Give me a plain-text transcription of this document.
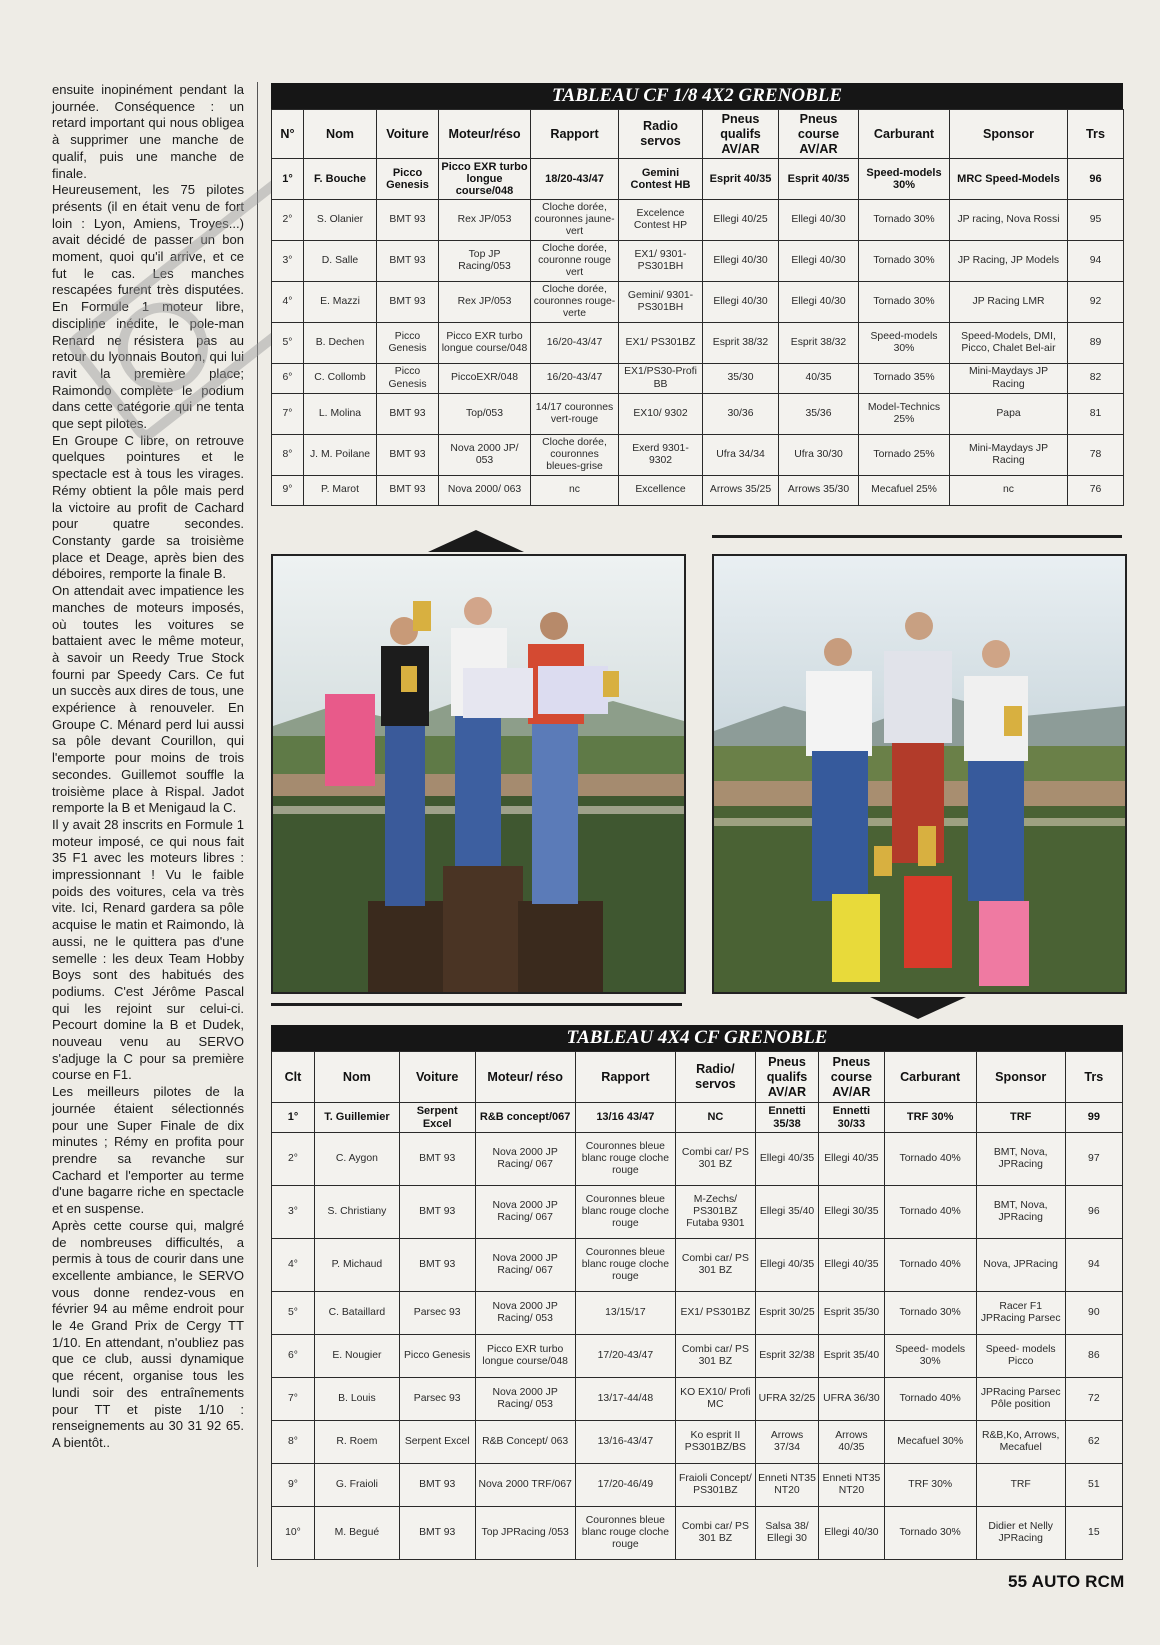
ensuite inopinément pendant la journée. Conséquence : un retard important qui nous obligea à supprimer une manche de qualif, puis une manche de finale.

Heureusement, les 75 pilotes présents (il en était venu de fort loin : Lyon, Amiens, Troyes...) avait décidé de passer un bon moment, quoi qu'il arrive, et ce fut le cas. Les manches rescapées furent très disputées. En Formule 1 moteur libre, discipline inédite, le pole-man Renard ne résistera pas au retour du lyonnais Bouton, qui lui ravit la première place; Raimondo complète le podium dans cette catégorie qui ne tenta que sept pilotes.

En Groupe C libre, on retrouve quelques pointures et le spectacle est à tous les virages. Rémy obtient la pôle mais perd la victoire au profit de Cachard pour quatre secondes. Constanty garde sa troisième place et Deage, après bien des déboires, remporte la finale B.

On attendait avec impatience les manches de moteurs imposés, où toutes les voitures se battaient avec le même moteur, à savoir un Reedy True Stock fourni par Speedy Cars. Ce fut un succès aux dires de tous, une expérience à renouveler. En Groupe C. Ménard perd lui aussi sa pôle devant Courillon, qui l'emporte pour moins de trois secondes. Guillemot souffle la troisième place à Rispal. Jadot remporte la B et Menigaud la C.

Il y avait 28 inscrits en Formule 1 moteur imposé, ce qui nous fait 35 F1 avec les moteurs libres : impressionnant ! Vu le faible poids des voitures, cela va très vite. Ici, Renard gardera sa pôle acquise le matin et Raimondo, là aussi, ne le quittera pas d'une semelle : les deux Team Hobby Boys sont des habitués des podiums. C'est Jérôme Pascal qui les rejoint sur celui-ci. Pecourt domine la B et Dudek, nouveau venu au SERVO s'adjuge la C pour sa première course en F1.

Les meilleurs pilotes de la journée étaient sélectionnés pour une Super Finale de dix minutes ; Rémy en profita pour prendre sa revanche sur Cachard et l'emporter au terme d'une bagarre riche en spectacle et en suspense.

Après cette course qui, malgré de nombreuses difficultés, a permis à tous de courir dans une excellente ambiance, le SERVO vous donne rendez-vous en février 94 au même endroit pour le 4e Grand Prix de Cergy TT 1/10. En attendant, n'oubliez pas que ce club, aussi dynamique que récent, organise tous les lundi soir des entraînements pour TT et piste 1/10 : renseignements au 30 31 92 65. A bientôt..

TABLEAU CF 1/8 4X2 GRENOBLE
N°	Nom	Voiture	Moteur/réso	Rapport	Radio servos	Pneus qualifs AV/AR	Pneus course AV/AR	Carburant	Sponsor	Trs
1°	F. Bouche	Picco Genesis	Picco EXR turbo longue course/048	18/20-43/47	Gemini Contest HB	Esprit 40/35	Esprit 40/35	Speed-models 30%	MRC Speed-Models	96
2°	S. Olanier	BMT 93	Rex JP/053	Cloche dorée, couronnes jaune-vert	Excelence Contest HP	Ellegi 40/25	Ellegi 40/30	Tornado 30%	JP racing, Nova Rossi	95
3°	D. Salle	BMT 93	Top JP Racing/053	Cloche dorée, couronne rouge vert	EX1/ 9301-PS301BH	Ellegi 40/30	Ellegi 40/30	Tornado 30%	JP Racing, JP Models	94
4°	E. Mazzi	BMT 93	Rex JP/053	Cloche dorée, couronnes rouge-verte	Gemini/ 9301-PS301BH	Ellegi 40/30	Ellegi 40/30	Tornado 30%	JP Racing LMR	92
5°	B. Dechen	Picco Genesis	Picco EXR turbo longue course/048	16/20-43/47	EX1/ PS301BZ	Esprit 38/32	Esprit 38/32	Speed-models 30%	Speed-Models, DMI, Picco, Chalet Bel-air	89
6°	C. Collomb	Picco Genesis	PiccoEXR/048	16/20-43/47	EX1/PS30-Profi BB	35/30	40/35	Tornado 35%	Mini-Maydays JP Racing	82
7°	L. Molina	BMT 93	Top/053	14/17 couronnes vert-rouge	EX10/ 9302	30/36	35/36	Model-Technics 25%	Papa	81
8°	J. M. Poilane	BMT 93	Nova 2000 JP/ 053	Cloche dorée, couronnes bleues-grise	Exerd 9301-9302	Ufra 34/34	Ufra 30/30	Tornado 25%	Mini-Maydays JP Racing	78
9°	P. Marot	BMT 93	Nova 2000/ 063	nc	Excellence	Arrows 35/25	Arrows 35/30	Mecafuel 25%	nc	76
TABLEAU 4X4 CF GRENOBLE
Clt	Nom	Voiture	Moteur/ réso	Rapport	Radio/ servos	Pneus qualifs AV/AR	Pneus course AV/AR	Carburant	Sponsor	Trs
1°	T. Guillemier	Serpent Excel	R&B concept/067	13/16 43/47	NC	Ennetti 35/38	Ennetti 30/33	TRF 30%	TRF	99
2°	C. Aygon	BMT 93	Nova 2000 JP Racing/ 067	Couronnes bleue blanc rouge cloche rouge	Combi car/ PS 301 BZ	Ellegi 40/35	Ellegi 40/35	Tornado 40%	BMT, Nova, JPRacing	97
3°	S. Christiany	BMT 93	Nova 2000 JP Racing/ 067	Couronnes bleue blanc rouge cloche rouge	M-Zechs/ PS301BZ Futaba 9301	Ellegi 35/40	Ellegi 30/35	Tornado 40%	BMT, Nova, JPRacing	96
4°	P. Michaud	BMT 93	Nova 2000 JP Racing/ 067	Couronnes bleue blanc rouge cloche rouge	Combi car/ PS 301 BZ	Ellegi 40/35	Ellegi 40/35	Tornado 40%	Nova, JPRacing	94
5°	C. Bataillard	Parsec 93	Nova 2000 JP Racing/ 053	13/15/17	EX1/ PS301BZ	Esprit 30/25	Esprit 35/30	Tornado 30%	Racer F1 JPRacing Parsec	90
6°	E. Nougier	Picco Genesis	Picco EXR turbo longue course/048	17/20-43/47	Combi car/ PS 301 BZ	Esprit 32/38	Esprit 35/40	Speed- models 30%	Speed- models Picco	86
7°	B. Louis	Parsec 93	Nova 2000 JP Racing/ 053	13/17-44/48	KO EX10/ Profi MC	UFRA 32/25	UFRA 36/30	Tornado 40%	JPRacing Parsec Pôle position	72
8°	R. Roem	Serpent Excel	R&B Concept/ 063	13/16-43/47	Ko esprit II PS301BZ/BS	Arrows 37/34	Arrows 40/35	Mecafuel 30%	R&B,Ko, Arrows, Mecafuel	62
9°	G. Fraioli	BMT 93	Nova 2000 TRF/067	17/20-46/49	Fraioli Concept/ PS301BZ	Enneti NT35 NT20	Enneti NT35 NT20	TRF 30%	TRF	51
10°	M. Begué	BMT 93	Top JPRacing /053	Couronnes bleue blanc rouge cloche rouge	Combi car/ PS 301 BZ	Salsa 38/ Ellegi 30	Ellegi 40/30	Tornado 30%	Didier et Nelly JPRacing	15
55 AUTO RCM
